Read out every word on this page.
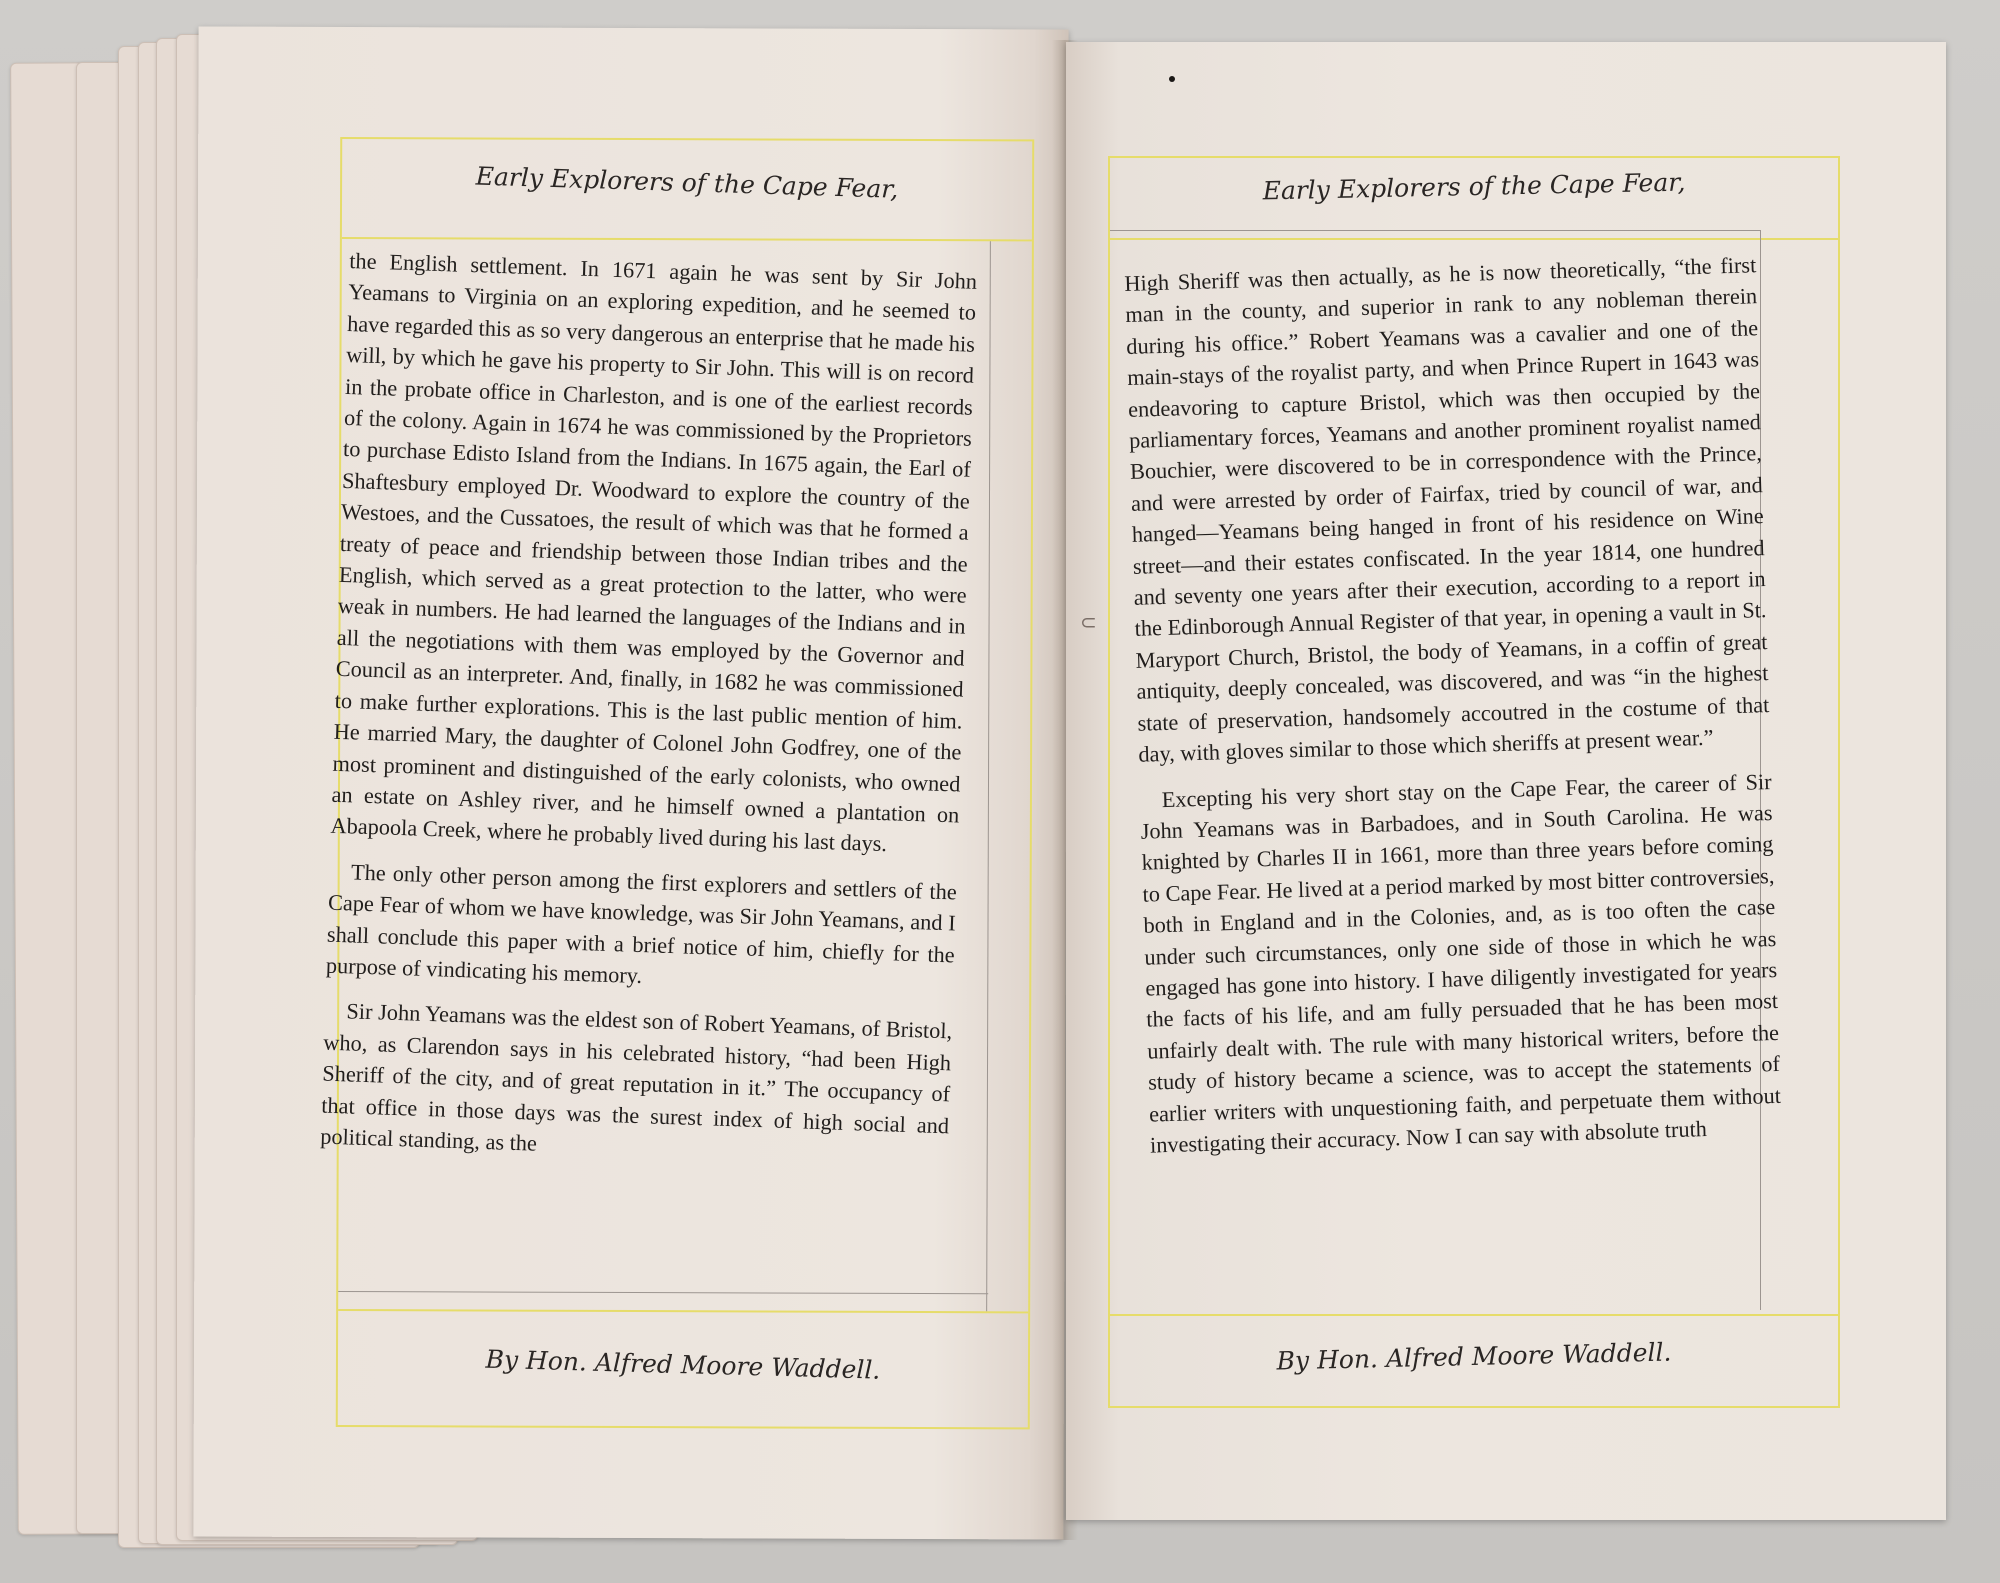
Early Explorers of the Cape Fear,

the English settlement. In 1671 again he was sent by Sir John Yeamans to Virginia on an exploring expedition, and he seemed to have regarded this as so very dangerous an enterprise that he made his will, by which he gave his property to Sir John. This will is on record in the probate office in Charleston, and is one of the earliest records of the colony. Again in 1674 he was commissioned by the Proprietors to purchase Edisto Island from the Indians. In 1675 again, the Earl of Shaftesbury employed Dr. Woodward to explore the country of the Westoes, and the Cussatoes, the result of which was that he formed a treaty of peace and friendship between those Indian tribes and the English, which served as a great protection to the latter, who were weak in numbers. He had learned the languages of the Indians and in all the negotiations with them was employed by the Governor and Council as an interpreter. And, finally, in 1682 he was commissioned to make further explorations. This is the last public mention of him. He married Mary, the daughter of Colonel John Godfrey, one of the most prominent and distinguished of the early colonists, who owned an estate on Ashley river, and he himself owned a plantation on Abapoola Creek, where he probably lived during his last days.

The only other person among the first explorers and settlers of the Cape Fear of whom we have knowledge, was Sir John Yeamans, and I shall conclude this paper with a brief notice of him, chiefly for the purpose of vindicating his memory.

Sir John Yeamans was the eldest son of Robert Yeamans, of Bristol, who, as Clarendon says in his celebrated history, “had been High Sheriff of the city, and of great reputation in it.” The occupancy of that office in those days was the surest index of high social and political standing, as the

By Hon. Alfred Moore Waddell.
Early Explorers of the Cape Fear,

High Sheriff was then actually, as he is now theoretically, “the first man in the county, and superior in rank to any nobleman therein during his office.” Robert Yeamans was a cavalier and one of the main-stays of the royalist party, and when Prince Rupert in 1643 was endeavoring to capture Bristol, which was then occupied by the parliamentary forces, Yeamans and another prominent royalist named Bouchier, were discovered to be in correspondence with the Prince, and were arrested by order of Fairfax, tried by council of war, and hanged—Yeamans being hanged in front of his residence on Wine street—and their estates confiscated. In the year 1814, one hundred and seventy one years after their execution, according to a report in the Edinborough Annual Register of that year, in opening a vault in St. Maryport Church, Bristol, the body of Yeamans, in a coffin of great antiquity, deeply concealed, was discovered, and was “in the highest state of preservation, handsomely accoutred in the costume of that day, with gloves similar to those which sheriffs at present wear.”

Excepting his very short stay on the Cape Fear, the career of Sir John Yeamans was in Barbadoes, and in South Carolina. He was knighted by Charles II in 1661, more than three years before coming to Cape Fear. He lived at a period marked by most bitter controversies, both in England and in the Colonies, and, as is too often the case under such circumstances, only one side of those in which he was engaged has gone into history. I have diligently investigated for years the facts of his life, and am fully persuaded that he has been most unfairly dealt with. The rule with many historical writers, before the study of history became a science, was to accept the statements of earlier writers with unquestioning faith, and perpetuate them without investigating their accuracy. Now I can say with absolute truth

By Hon. Alfred Moore Waddell.
⊂
